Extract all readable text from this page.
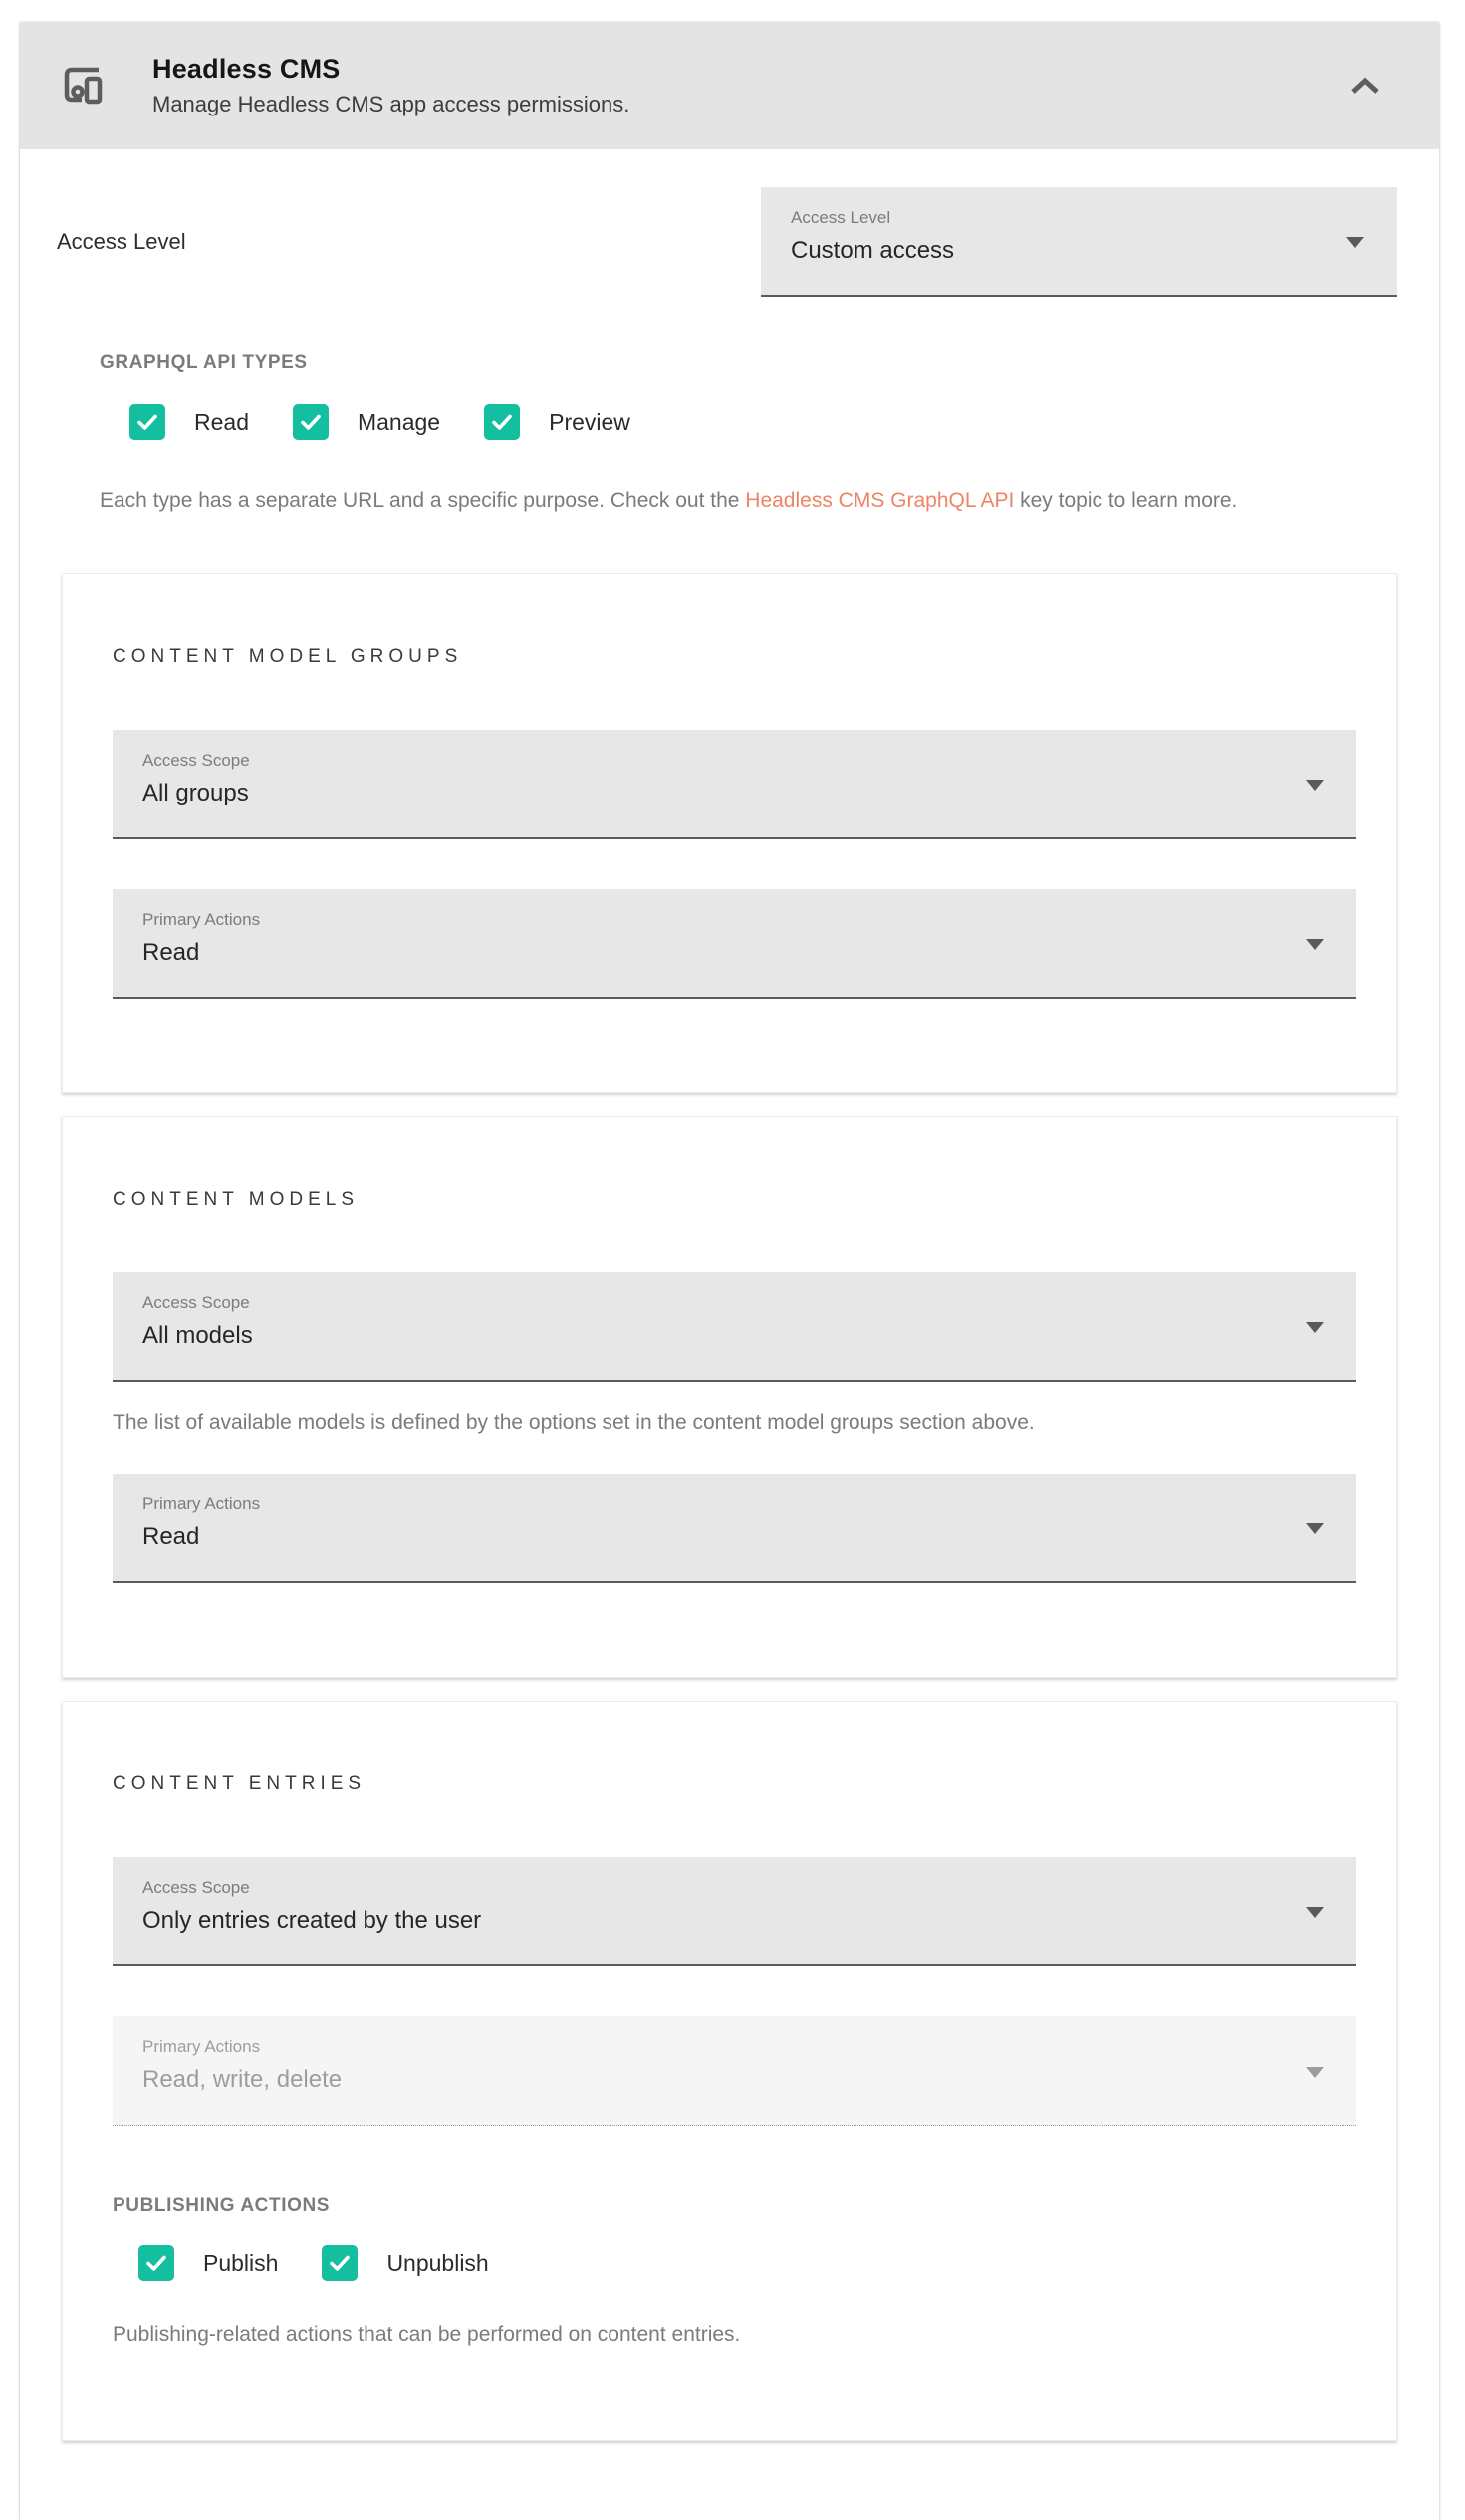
Headless CMS
Manage Headless CMS app access permissions.
Access Level
Access Level
Custom access
GRAPHQL API TYPES
Read	Manage	Preview
Each type has a separate URL and a specific purpose. Check out the Headless CMS GraphQL API key topic to learn more.
CONTENT MODEL GROUPS
Access Scope
All groups
Primary Actions
Read
CONTENT MODELS
Access Scope
All models
The list of available models is defined by the options set in the content model groups section above.
Primary Actions
Read
CONTENT ENTRIES
Access Scope
Only entries created by the user
Primary Actions
Read, write, delete
PUBLISHING ACTIONS
Publish	Unpublish
Publishing-related actions that can be performed on content entries.
